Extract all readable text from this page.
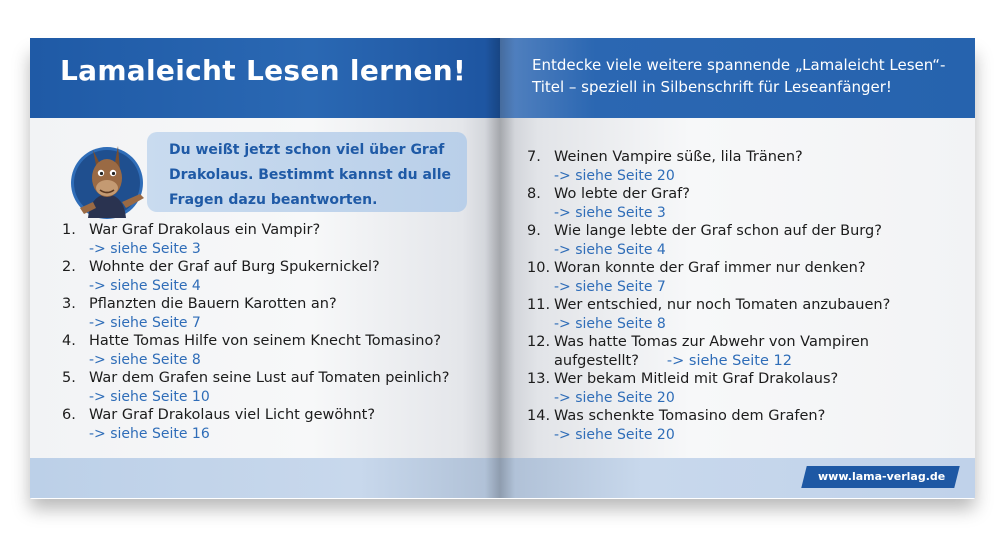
Lamaleicht Lesen lernen!
Du weißt jetzt schon viel über Graf Drakolaus. Bestimmt kannst du alle Fragen dazu beantworten.
1. War Graf Drakolaus ein Vampir?
-> siehe Seite 3
2. Wohnte der Graf auf Burg Spukernickel?
-> siehe Seite 4
3. Pflanzten die Bauern Karotten an?
-> siehe Seite 7
4. Hatte Tomas Hilfe von seinem Knecht Tomasino?
-> siehe Seite 8
5. War dem Grafen seine Lust auf Tomaten peinlich?
-> siehe Seite 10
6. War Graf Drakolaus viel Licht gewöhnt?
-> siehe Seite 16
Entdecke viele weitere spannende „Lamaleicht Lesen“-Titel – speziell in Silbenschrift für Leseanfänger!
7. Weinen Vampire süße, lila Tränen?
-> siehe Seite 20
8. Wo lebte der Graf?
-> siehe Seite 3
9. Wie lange lebte der Graf schon auf der Burg?
-> siehe Seite 4
10. Woran konnte der Graf immer nur denken?
-> siehe Seite 7
11. Wer entschied, nur noch Tomaten anzubauen?
-> siehe Seite 8
12. Was hatte Tomas zur Abwehr von Vampiren
aufgestellt? -> siehe Seite 12
13. Wer bekam Mitleid mit Graf Drakolaus?
-> siehe Seite 20
14. Was schenkte Tomasino dem Grafen?
-> siehe Seite 20
www.lama-verlag.de
